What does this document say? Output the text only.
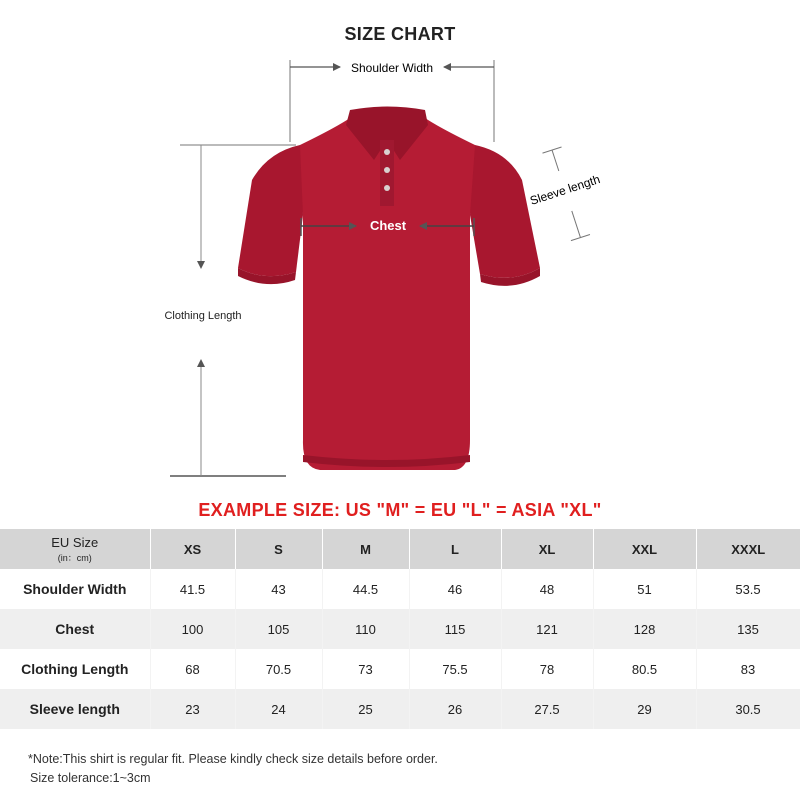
SIZE CHART
Shoulder Width
Chest
Sleeve length
Clothing Length
EXAMPLE SIZE: US "M" = EU "L" = ASIA "XL"
EU Size
(in：cm)	XS	S	M	L	XL	XXL	XXXL
Shoulder Width	41.5	43	44.5	46	48	51	53.5
Chest	100	105	110	115	121	128	135
Clothing Length	68	70.5	73	75.5	78	80.5	83
Sleeve length	23	24	25	26	27.5	29	30.5
*Note:This shirt is regular fit. Please kindly check size details before order.
Size tolerance:1~3cm
